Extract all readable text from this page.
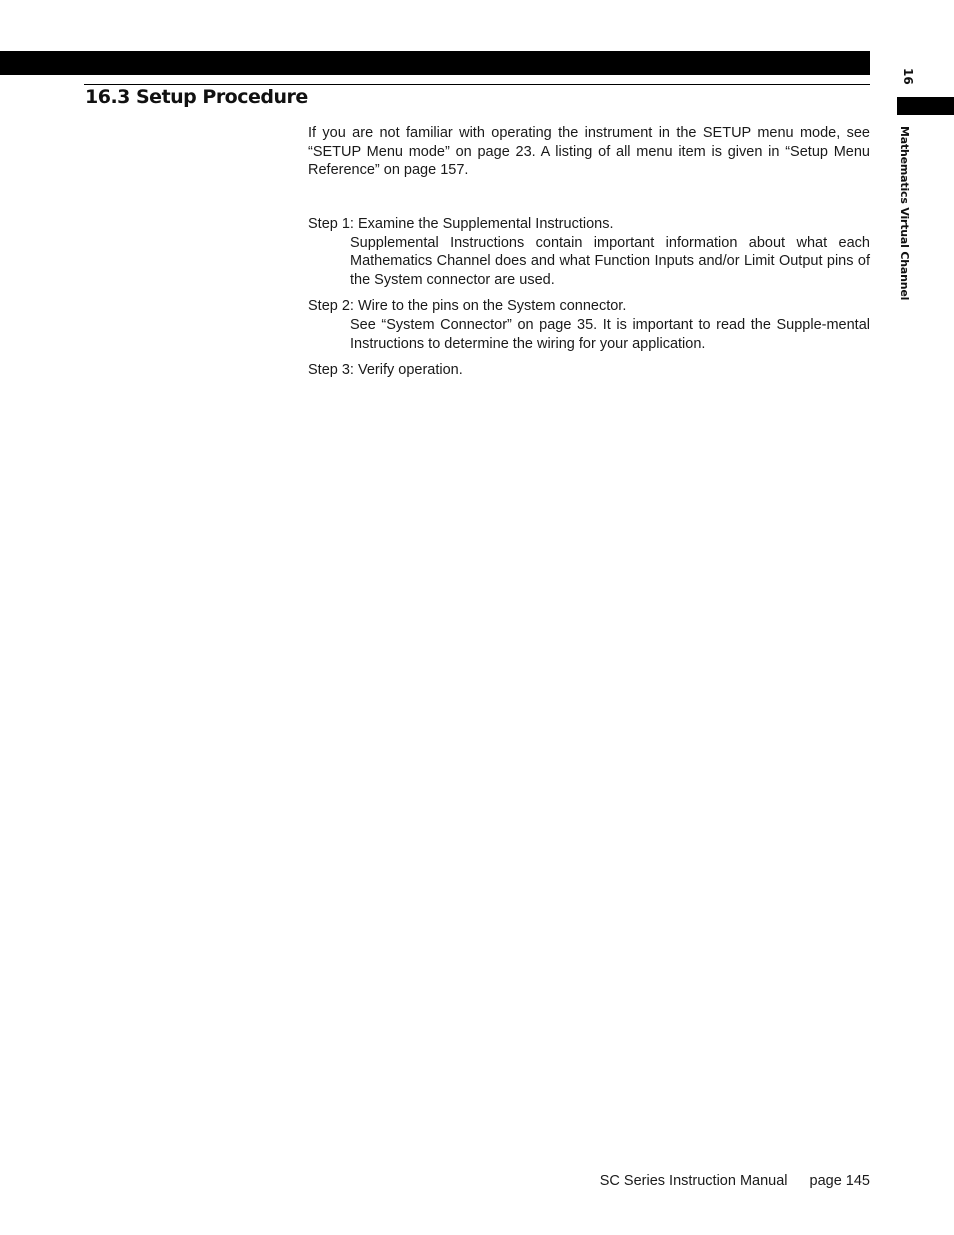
16.3 Setup Procedure
16
Mathematics Virtual Channel

If you are not familiar with operating the instrument in the SETUP menu mode, see “SETUP Menu mode” on page 23. A listing of all menu item is given in “Setup Menu Reference” on page 157.

Step 1: Examine the Supplemental Instructions.

Supplemental Instructions contain important information about what each Mathematics Channel does and what Function Inputs and/or Limit Output pins of the System connector are used.

Step 2: Wire to the pins on the System connector.

See “System Connector” on page 35. It is important to read the Supple-mental Instructions to determine the wiring for your application.

Step 3: Verify operation.

SC Series Instruction Manual page 145
